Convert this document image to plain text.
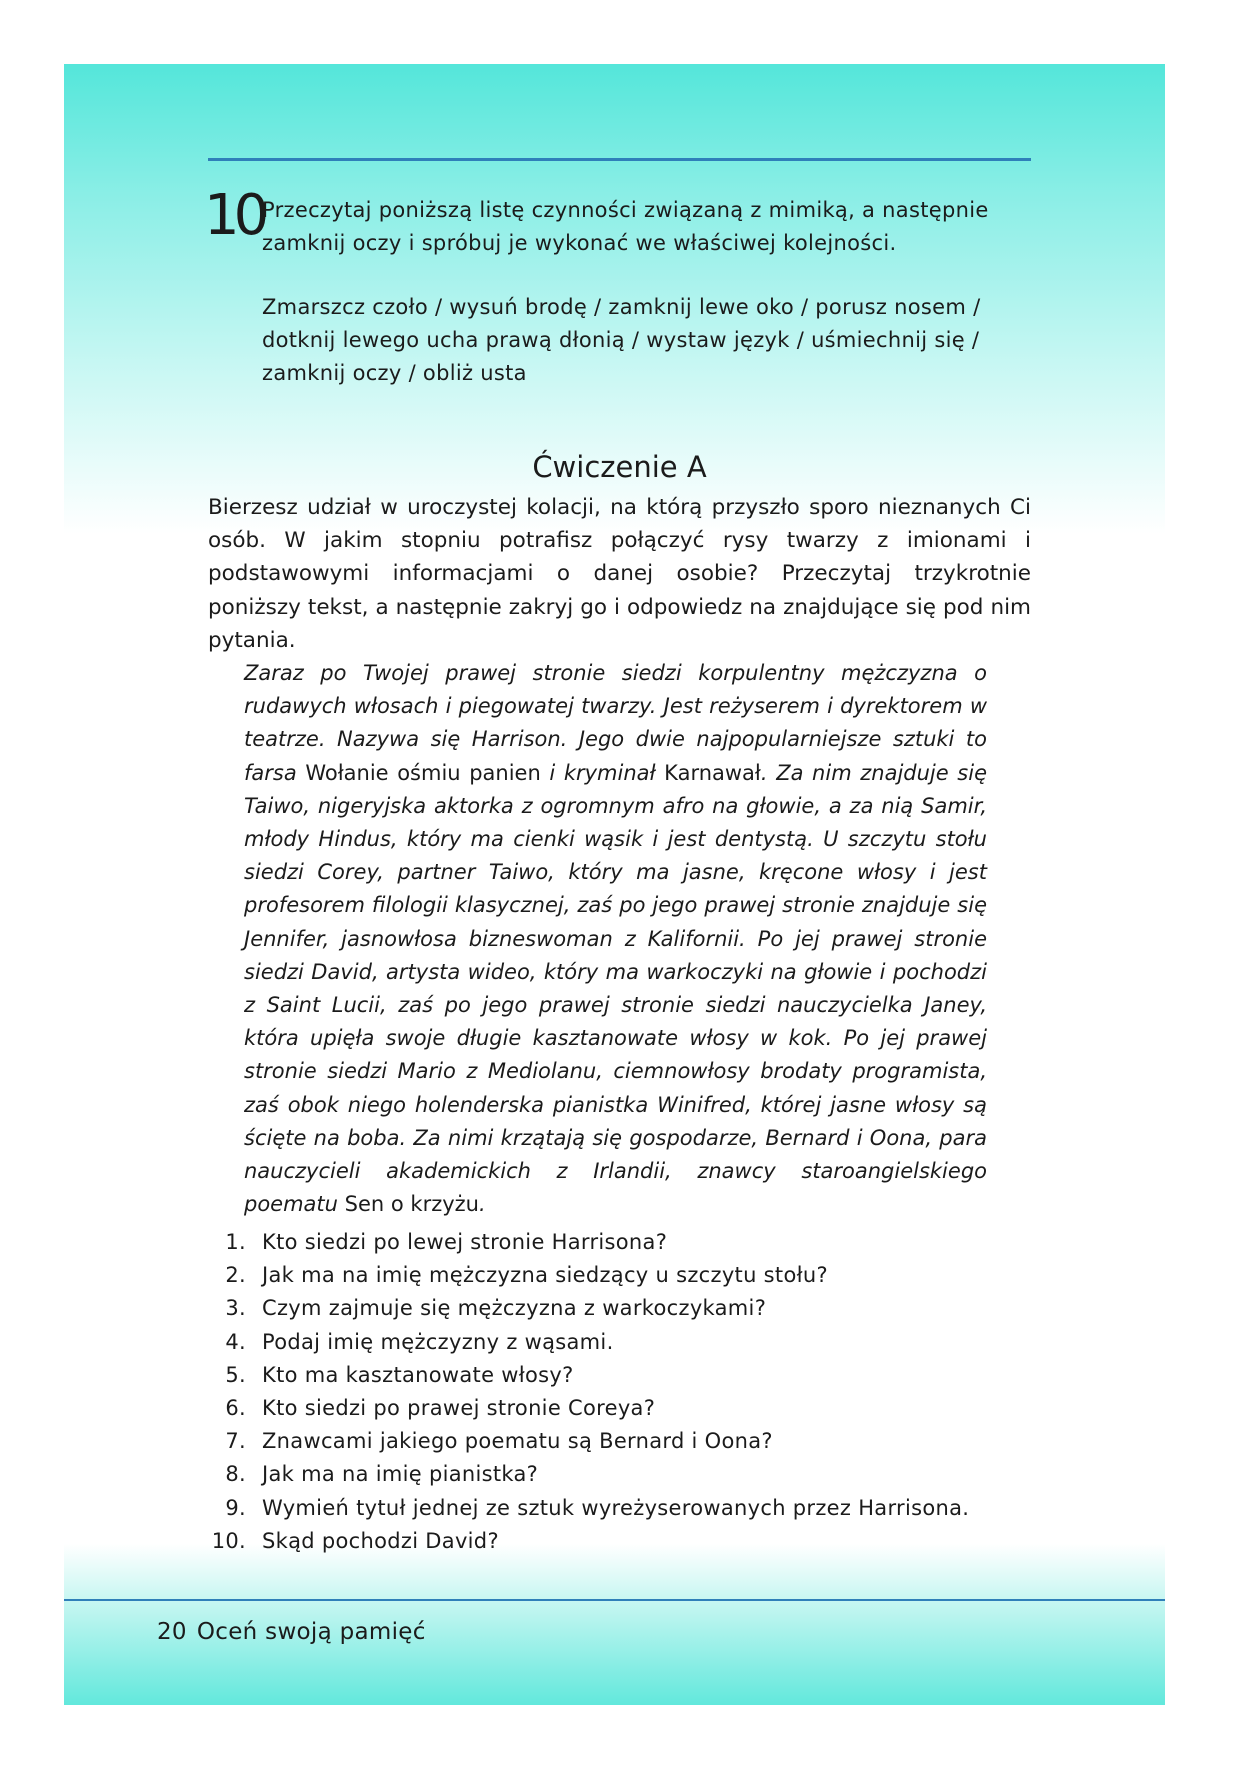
10
Przeczytaj poniższą listę czynności związaną z mimiką, a następnie zamknij oczy i spróbuj je wykonać we właściwej kolejności.
Zmarszcz czoło / wysuń brodę / zamknij lewe oko / porusz nosem / dotknij lewego ucha prawą dłonią / wystaw język / uśmiechnij się / zamknij oczy / obliż usta
Ćwiczenie A
Bierzesz udział w uroczystej kolacji, na którą przyszło sporo nieznanych Ci osób. W jakim stopniu potrafisz połączyć rysy twarzy z imionami i podstawowymi informacjami o danej osobie? Przeczytaj trzykrotnie poniższy tekst, a następnie zakryj go i odpowiedz na znajdujące się pod nim pytania.
Zaraz po Twojej prawej stronie siedzi korpulentny mężczyzna o rudawych włosach i piegowatej twarzy. Jest reżyserem i dyrektorem w teatrze. Nazywa się Harrison. Jego dwie najpopularniejsze sztuki to farsa Wołanie ośmiu panien i kryminał Karnawał. Za nim znajduje się Taiwo, nigeryjska aktorka z ogromnym afro na głowie, a za nią Samir, młody Hindus, który ma cienki wąsik i jest dentystą. U szczytu stołu siedzi Corey, partner Taiwo, który ma jasne, kręcone włosy i jest profesorem filologii klasycznej, zaś po jego prawej stronie znajduje się Jennifer, jasnowłosa bizneswoman z Kalifornii. Po jej prawej stronie siedzi David, artysta wideo, który ma warkoczyki na głowie i pochodzi z Saint Lucii, zaś po jego prawej stronie siedzi nauczycielka Janey, która upięła swoje długie kasztanowate włosy w kok. Po jej prawej stronie siedzi Mario z Mediolanu, ciemnowłosy brodaty programista, zaś obok niego holenderska pianistka Winifred, której jasne włosy są ścięte na boba. Za nimi krzątają się gospodarze, Bernard i Oona, para nauczycieli akademickich z Irlandii, znawcy staroangielskiego poematu Sen o krzyżu.
1. Kto siedzi po lewej stronie Harrisona?
2. Jak ma na imię mężczyzna siedzący u szczytu stołu?
3. Czym zajmuje się mężczyzna z warkoczykami?
4. Podaj imię mężczyzny z wąsami.
5. Kto ma kasztanowate włosy?
6. Kto siedzi po prawej stronie Coreya?
7. Znawcami jakiego poematu są Bernard i Oona?
8. Jak ma na imię pianistka?
9. Wymień tytuł jednej ze sztuk wyreżyserowanych przez Harrisona.
10. Skąd pochodzi David?
20 Oceń swoją pamięć
